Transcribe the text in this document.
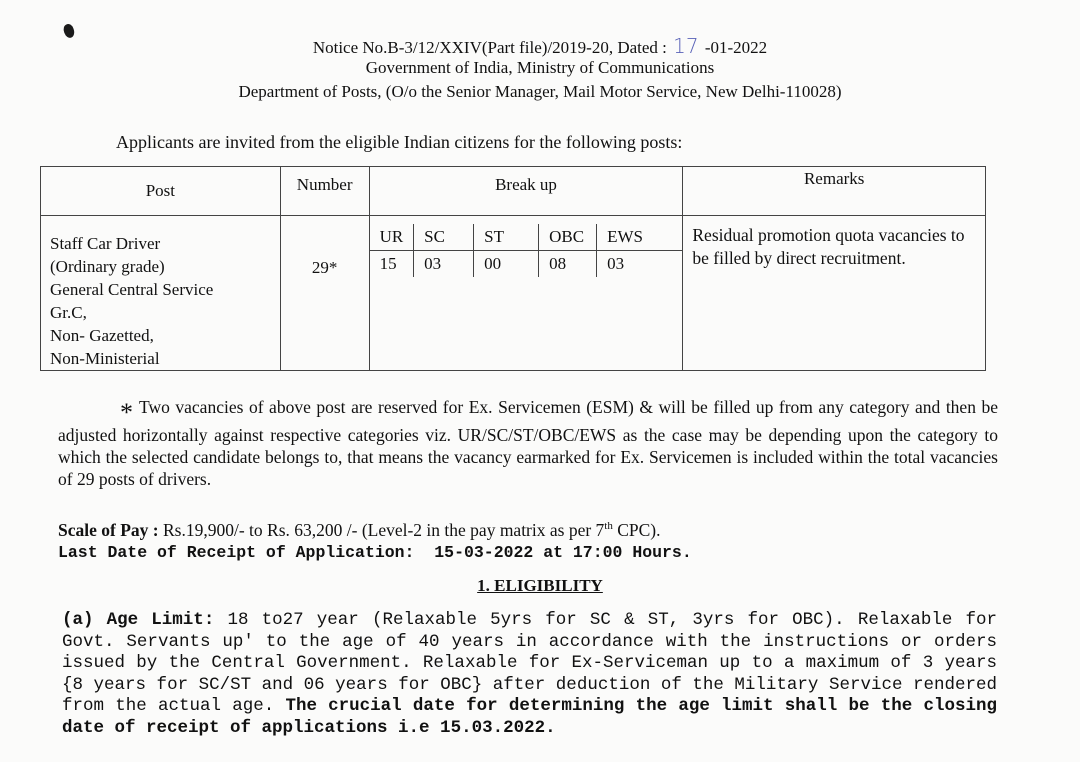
Notice No.B-3/12/XXIV(Part file)/2019-20, Dated : 17 -01-2022
Government of India, Ministry of Communications
Department of Posts, (O/o the Senior Manager, Mail Motor Service, New Delhi-110028)
Applicants are invited from the eligible Indian citizens for the following posts:
Post	Number	Break up	Remarks

Staff Car Driver
(Ordinary grade)
General Central Service
Gr.C,
Non- Gazetted,
Non-Ministerial

29*

UR	SC	ST	OBC	EWS
15	03	00	08	03

Residual promotion quota vacancies to be filled by direct recruitment.
* Two vacancies of above post are reserved for Ex. Servicemen (ESM) & will be filled up from any category and then be adjusted horizontally against respective categories viz. UR/SC/ST/OBC/EWS as the case may be depending upon the category to which the selected candidate belongs to, that means the vacancy earmarked for Ex. Servicemen is included within the total vacancies of 29 posts of drivers.
Scale of Pay : Rs.19,900/- to Rs. 63,200 /- (Level-2 in the pay matrix as per 7th CPC).
Last Date of Receipt of Application: 15-03-2022 at 17:00 Hours.
1. ELIGIBILITY
(a) Age Limit: 18 to27 year (Relaxable 5yrs for SC & ST, 3yrs for OBC). Relaxable for Govt. Servants up' to the age of 40 years in accordance with the instructions or orders issued by the Central Government. Relaxable for Ex-Serviceman up to a maximum of 3 years {8 years for SC/ST and 06 years for OBC} after deduction of the Military Service rendered from the actual age. The crucial date for determining the age limit shall be the closing date of receipt of applications i.e 15.03.2022.
